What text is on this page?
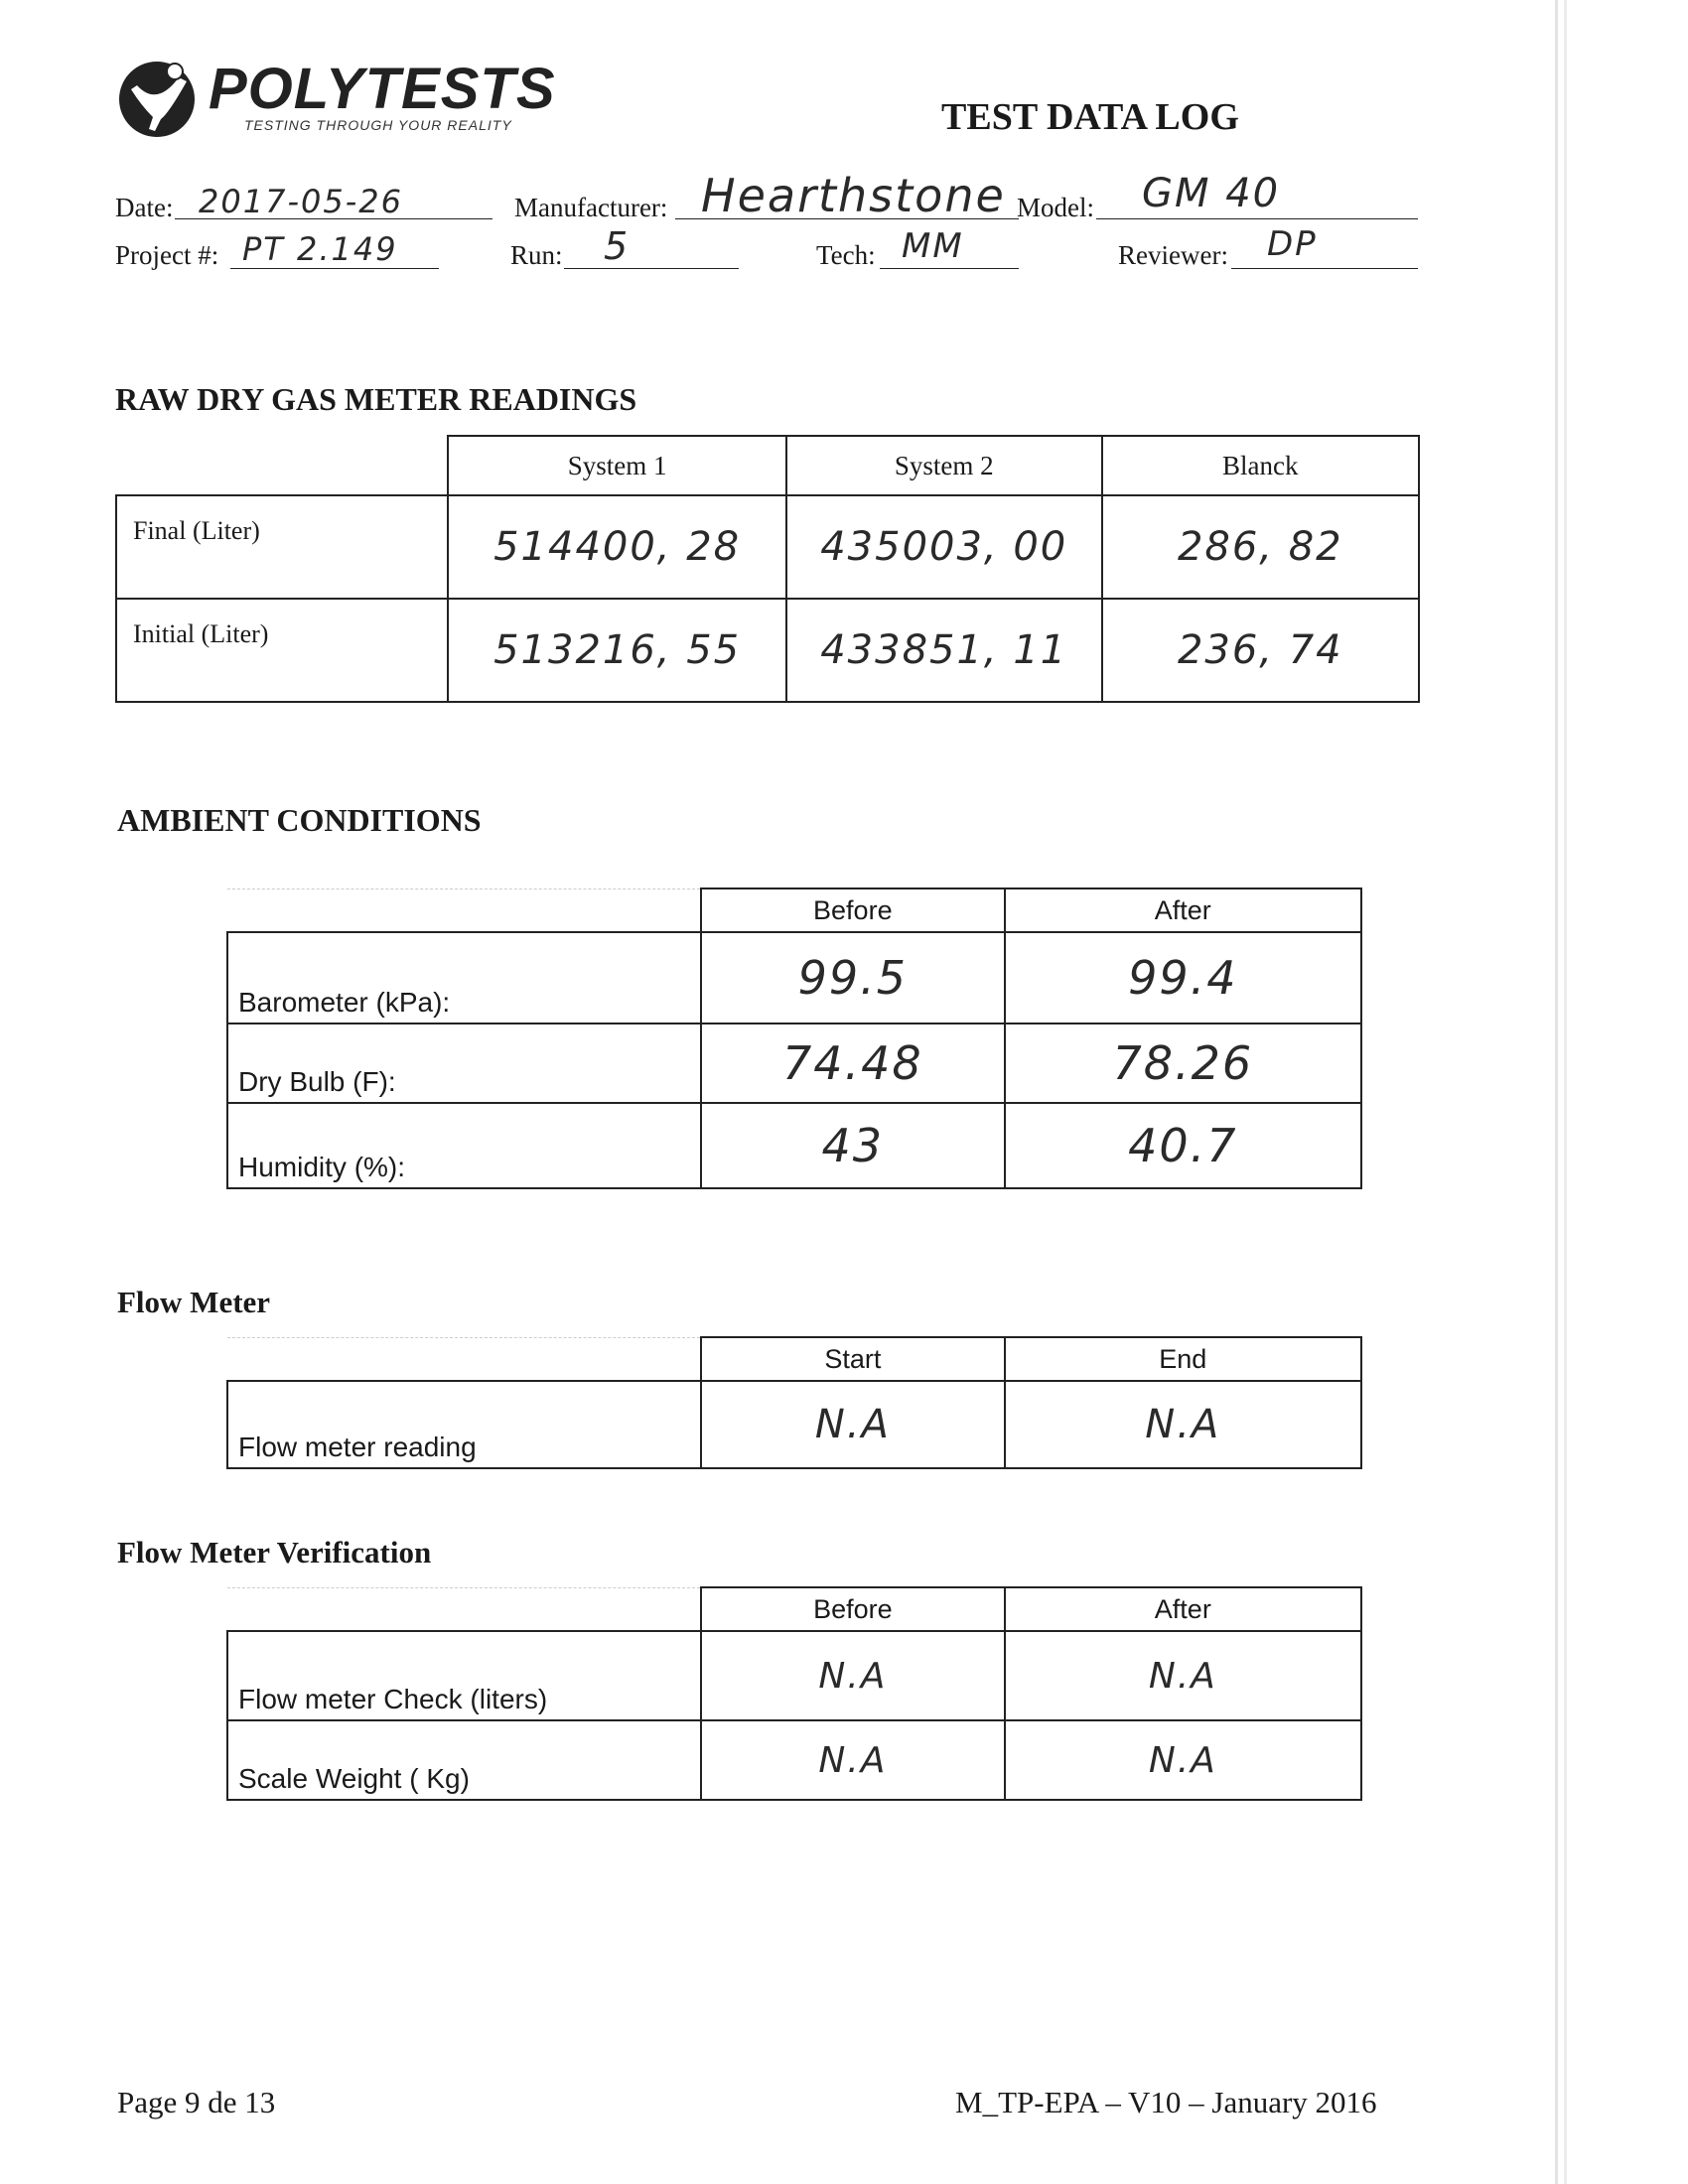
POLYTESTS
TESTING THROUGH YOUR REALITY	TEST DATA LOG
Date: 2017-05-26	Manufacturer: Hearthstone Model: GM 40
Project #: PT 2.149	Run: 5	Tech: MM	Reviewer: DP
RAW DRY GAS METER READINGS
	System 1	System 2	Blanck
Final (Liter)	514400, 28	435003, 00	286, 82
Initial (Liter)	513216, 55	433851, 11	236, 74
AMBIENT CONDITIONS
	Before	After
Barometer (kPa):	99.5	99.4
Dry Bulb (F):	74.48	78.26
Humidity (%):	43	40.7
Flow Meter
	Start	End
Flow meter reading	N.A	N.A
Flow Meter Verification
	Before	After
Flow meter Check (liters)	N.A	N.A
Scale Weight ( Kg)	N.A	N.A
Page 9 de 13	M_TP-EPA – V10 – January 2016
